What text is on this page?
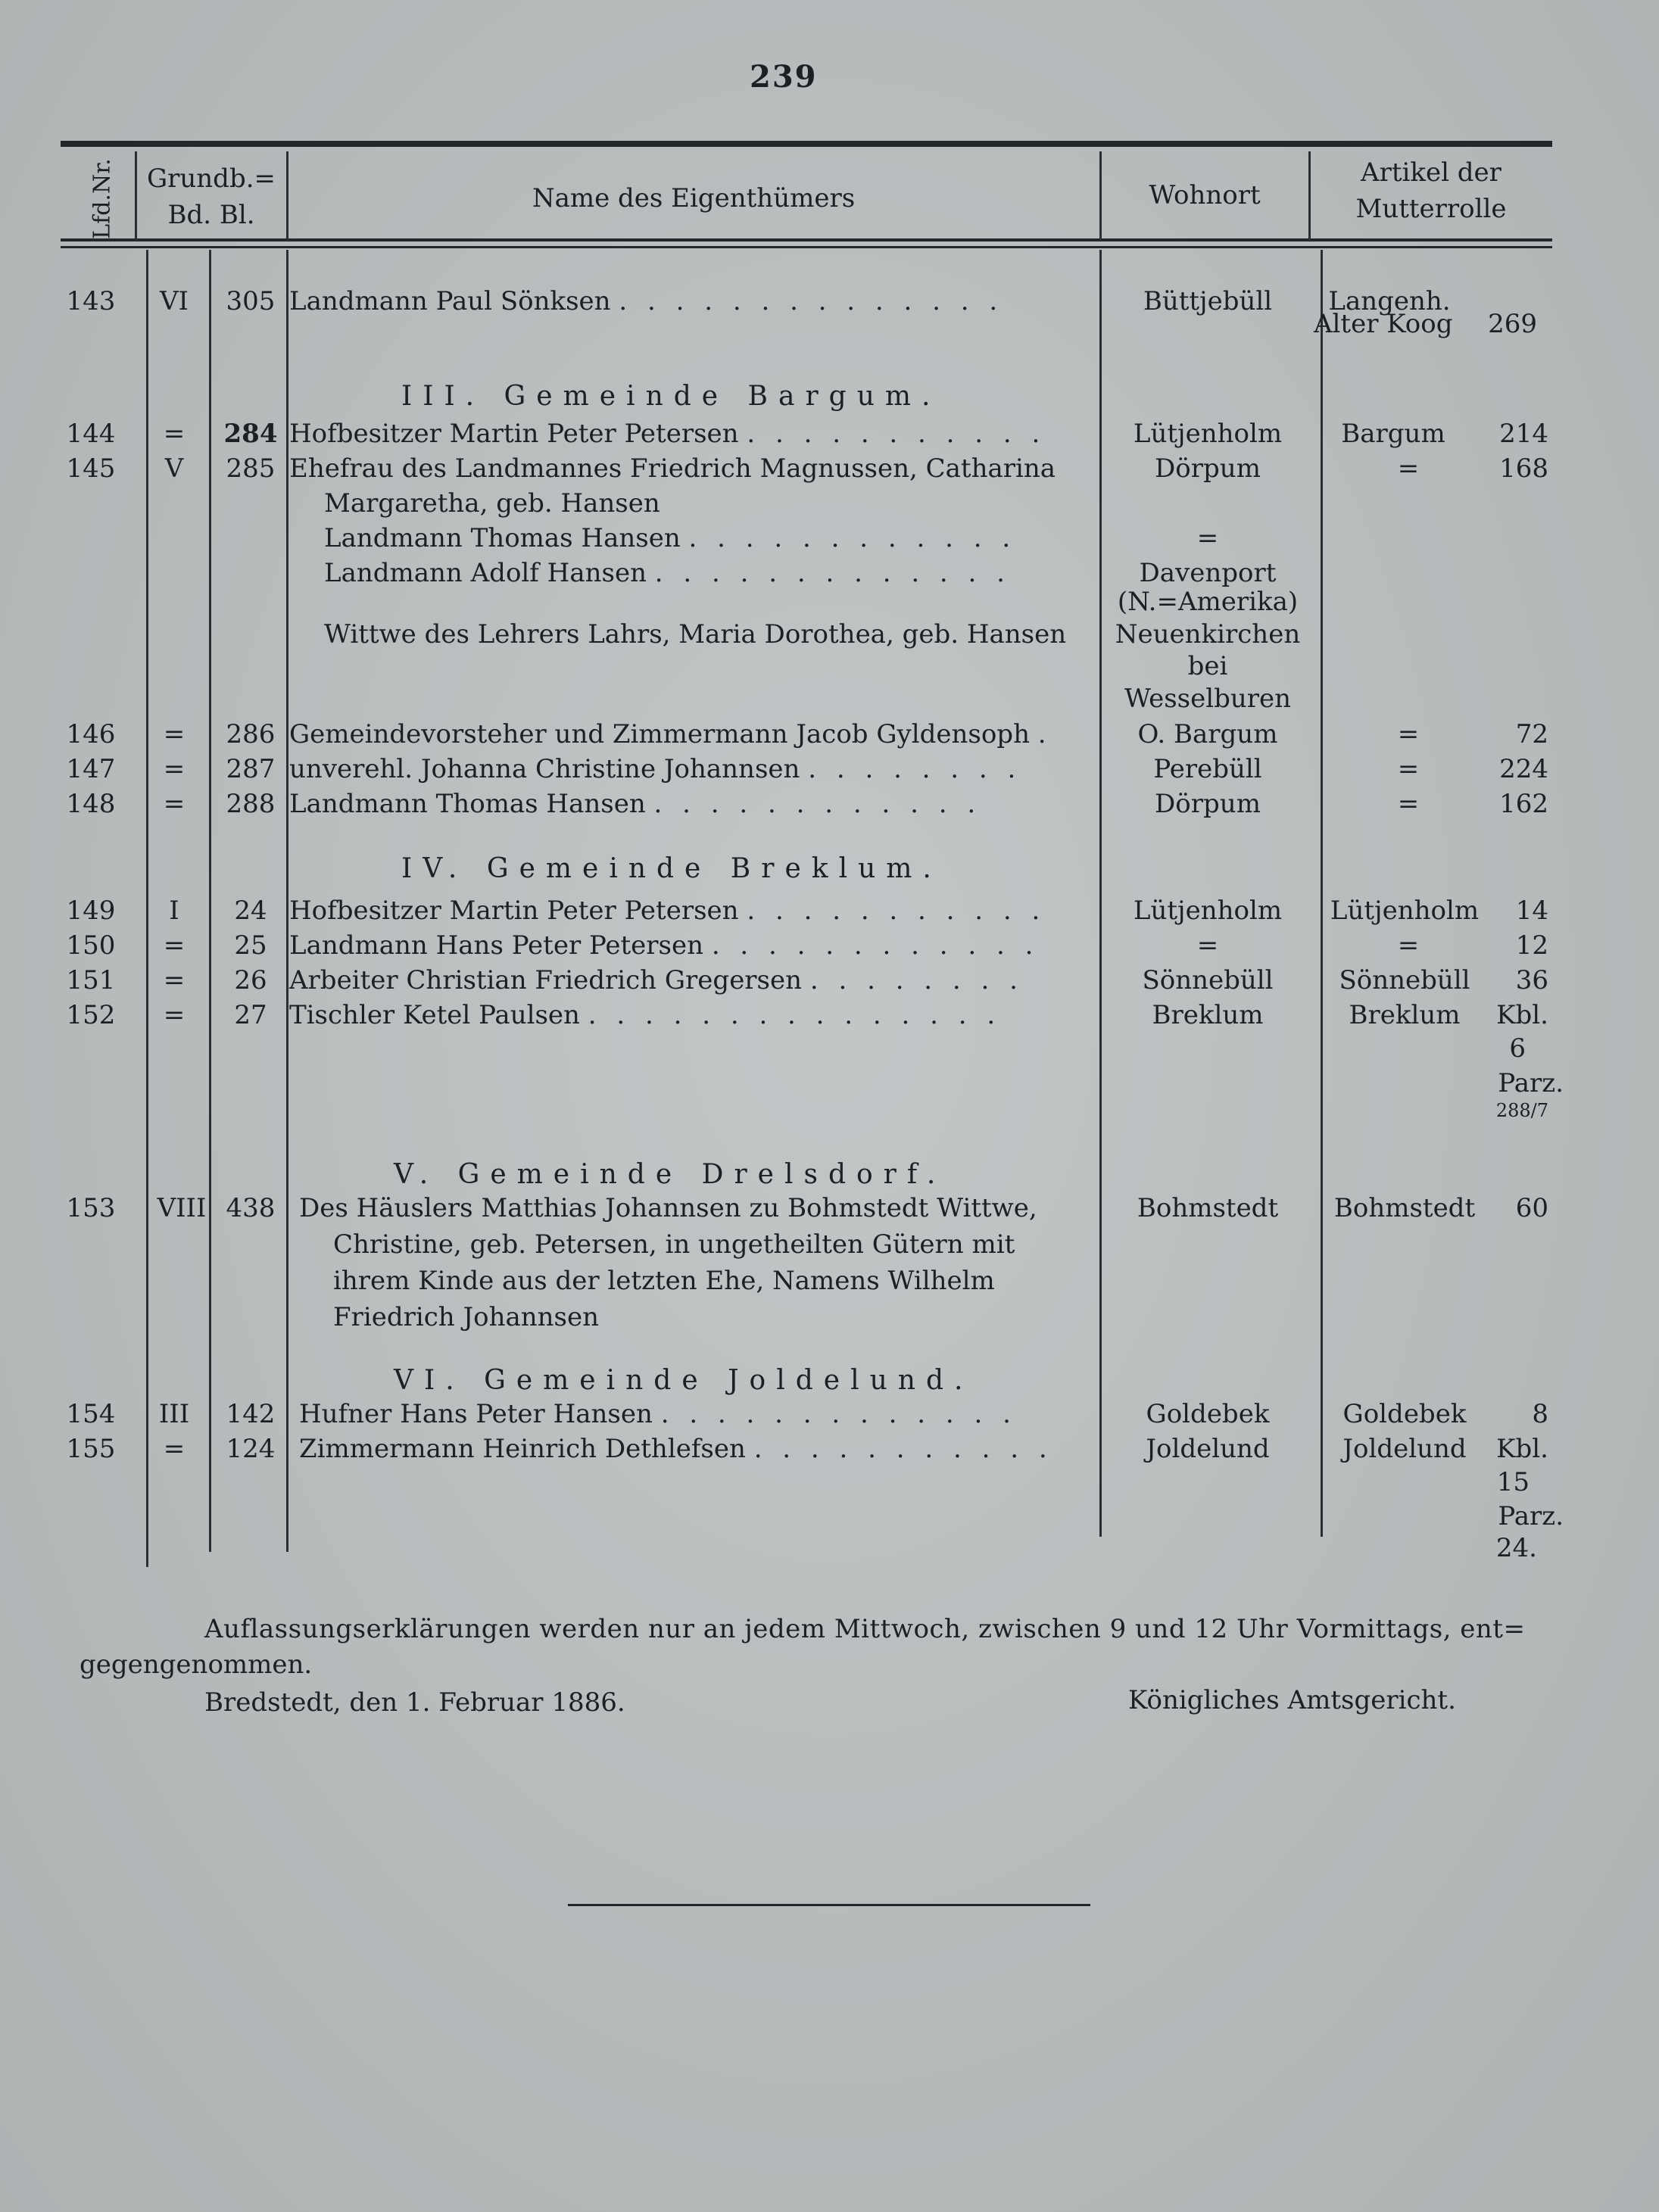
239
Lfd.Nr.	Grundb.=
Bd. Bl.
Name des Eigenthümers	Wohnort
Artikel der
Mutterrolle
143	VI	305 Landmann Paul Sönksen . . . . . . . . . . . . . .	Büttjebüll	Langenh.
Alter Koog	269
III. Gemeinde Bargum.
144	=	284 Hofbesitzer Martin Peter Petersen . . . . . . . . . . .	Lütjenholm	Bargum	214
145	V	285 Ehefrau des Landmannes Friedrich Magnussen, Catharina	Dörpum	=	168
Margaretha, geb. Hansen
Landmann Thomas Hansen . . . . . . . . . . . .	=
Landmann Adolf Hansen . . . . . . . . . . . . .	Davenport
(N.=Amerika)
Wittwe des Lehrers Lahrs, Maria Dorothea, geb. Hansen	Neuenkirchen
bei
Wesselburen
146	=	286 Gemeindevorsteher und Zimmermann Jacob Gyldensoph .	O. Bargum	=	72
147	=	287 unverehl. Johanna Christine Johannsen . . . . . . . .	Perebüll	=	224
148	=	288 Landmann Thomas Hansen . . . . . . . . . . . .	Dörpum	=	162
IV. Gemeinde Breklum.
149	I	24 Hofbesitzer Martin Peter Petersen . . . . . . . . . . .	Lütjenholm	Lütjenholm	14
150	=	25 Landmann Hans Peter Petersen . . . . . . . . . . . .	=	=	12
151	=	26 Arbeiter Christian Friedrich Gregersen . . . . . . . .	Sönnebüll	Sönnebüll	36
152	=	27 Tischler Ketel Paulsen . . . . . . . . . . . . . . .	Breklum	Breklum	Kbl.
6
Parz.
288/7
V. Gemeinde Drelsdorf.
153	VIII 438 Des Häuslers Matthias Johannsen zu Bohmstedt Wittwe,	Bohmstedt	Bohmstedt	60
Christine, geb. Petersen, in ungetheilten Gütern mit
ihrem Kinde aus der letzten Ehe, Namens Wilhelm
Friedrich Johannsen
VI. Gemeinde Joldelund.
154	III	142 Hufner Hans Peter Hansen . . . . . . . . . . . . .	Goldebek	Goldebek	8
155	=	124 Zimmermann Heinrich Dethlefsen . . . . . . . . . . .	Joldelund	Joldelund	Kbl.
15
Parz.
24.
Auflassungserklärungen werden nur an jedem Mittwoch, zwischen 9 und 12 Uhr Vormittags, ent=
gegengenommen.
Bredstedt, den 1. Februar 1886.	Königliches Amtsgericht.
